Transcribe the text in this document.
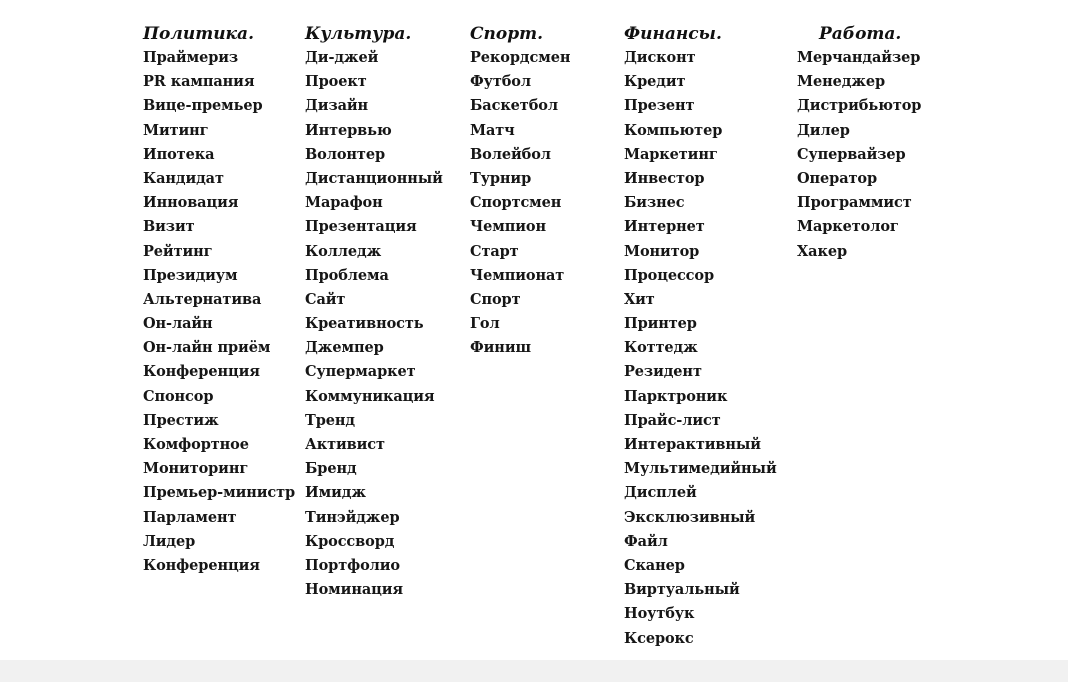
Политика.
Праймериз
PR кампания
Вице-премьер
Митинг
Ипотека
Кандидат
Инновация
Визит
Рейтинг
Президиум
Альтернатива
Он-лайн
Он-лайн приём
Конференция
Спонсор
Престиж
Комфортное
Мониторинг
Премьер-министр
Парламент
Лидер
Конференция
Культура.
Ди-джей
Проект
Дизайн
Интервью
Волонтер
Дистанционный
Марафон
Презентация
Колледж
Проблема
Сайт
Креативность
Джемпер
Супермаркет
Коммуникация
Тренд
Активист
Бренд
Имидж
Тинэйджер
Кроссворд
Портфолио
Номинация
Спорт.
Рекордсмен
Футбол
Баскетбол
Матч
Волейбол
Турнир
Спортсмен
Чемпион
Старт
Чемпионат
Спорт
Гол
Финиш
Финансы.
Дисконт
Кредит
Презент
Компьютер
Маркетинг
Инвестор
Бизнес
Интернет
Монитор
Процессор
Хит
Принтер
Коттедж
Резидент
Парктроник
Прайс-лист
Интерактивный
Мультимедийный
Дисплей
Эксклюзивный
Файл
Сканер
Виртуальный
Ноутбук
Ксерокс
Работа.
Мерчандайзер
Менеджер
Дистрибьютор
Дилер
Супервайзер
Оператор
Программист
Маркетолог
Хакер
